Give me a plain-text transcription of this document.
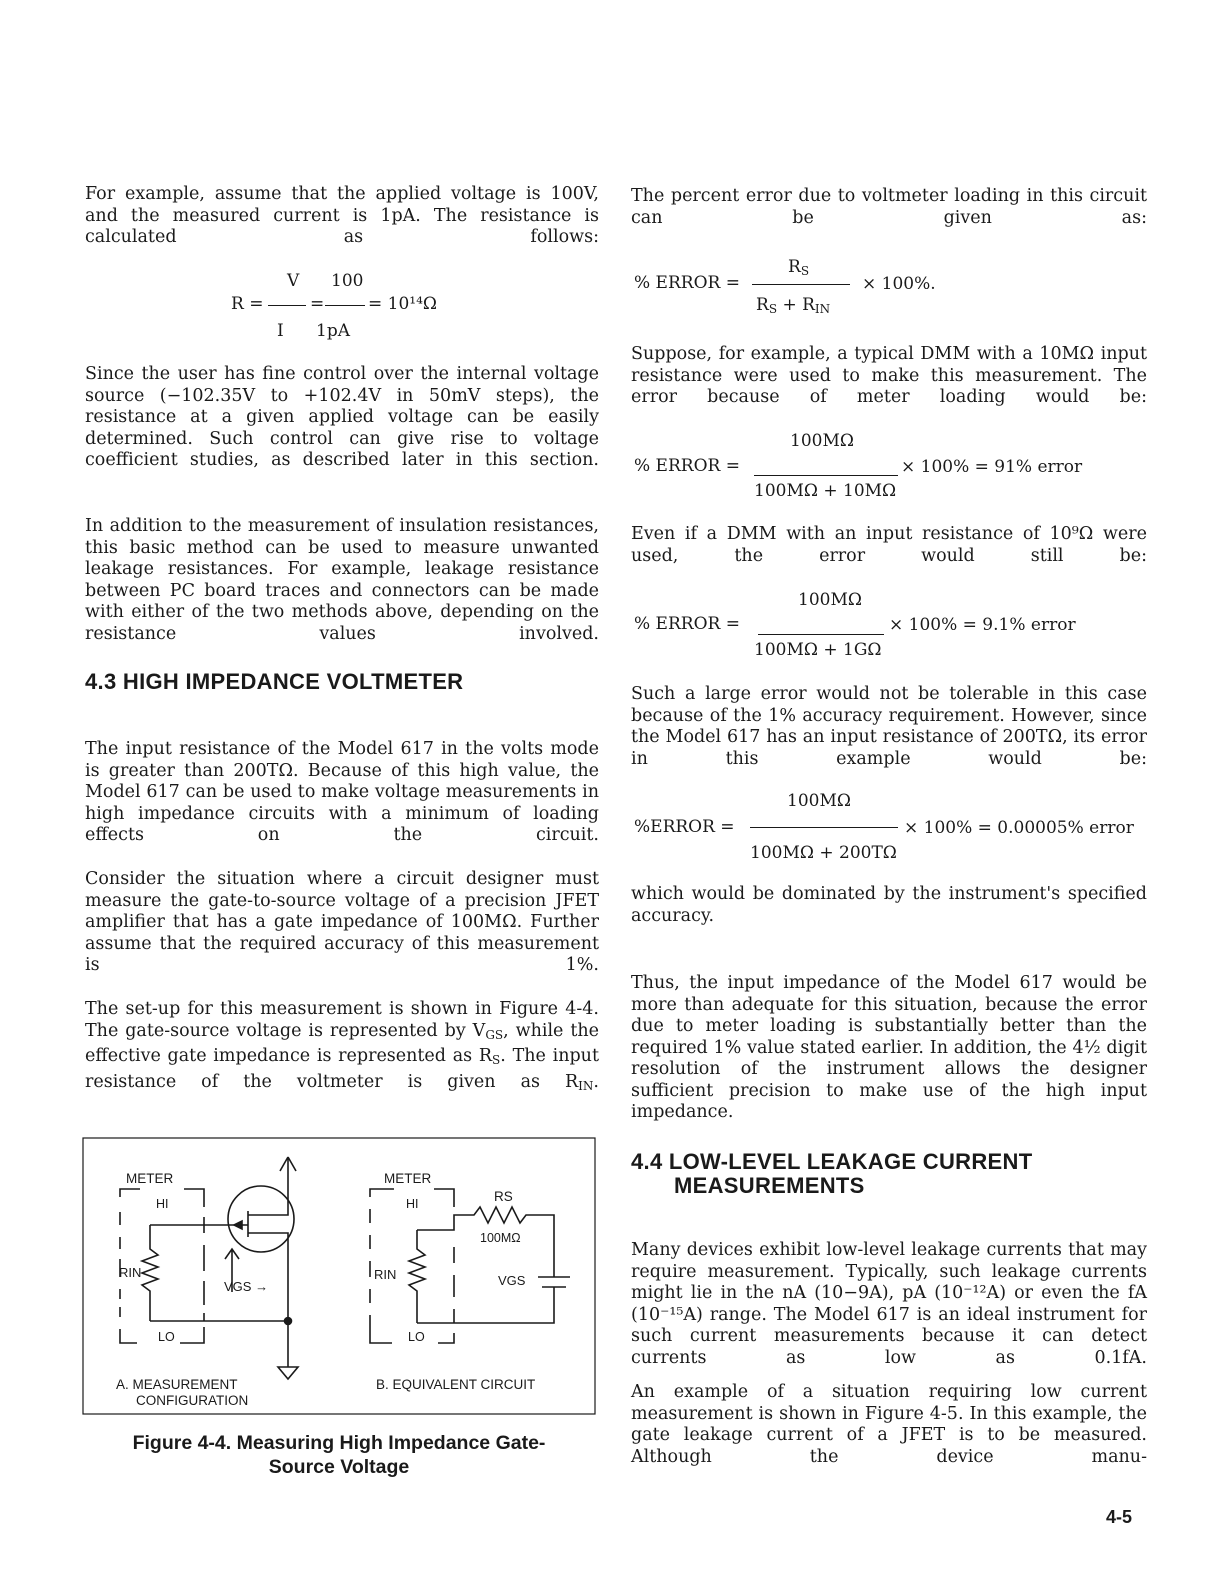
For example, assume that the applied voltage is 100V, and the measured current is 1pA. The resistance is calculated as follows:
V 100
R =	=	= 10¹⁴Ω
I 1pA
Since the user has fine control over the internal voltage source (−102.35V to +102.4V in 50mV steps), the resistance at a given applied voltage can be easily determined. Such control can give rise to voltage coefficient studies, as described later in this section.
In addition to the measurement of insulation resistances, this basic method can be used to measure unwanted leakage resistances. For example, leakage resistance between PC board traces and connectors can be made with either of the two methods above, depending on the resistance values involved.
4.3 HIGH IMPEDANCE VOLTMETER
The input resistance of the Model 617 in the volts mode is greater than 200TΩ. Because of this high value, the Model 617 can be used to make voltage measurements in high impedance circuits with a minimum of loading effects on the circuit.
Consider the situation where a circuit designer must measure the gate-to-source voltage of a precision JFET amplifier that has a gate impedance of 100MΩ. Further assume that the required accuracy of this measurement is 1%.
The set-up for this measurement is shown in Figure 4-4. The gate-source voltage is represented by $V_{GS}$, while the effective gate impedance is represented as $R_S$. The input resistance of the voltmeter is given as $R_{IN}$.
METER
HI
LO
RIN
VGS →
A. MEASUREMENT
CONFIGURATION
METER
HI
LO
RS
100MΩ
RIN	VGS
B. EQUIVALENT CIRCUIT
Figure 4-4. Measuring High Impedance Gate-
Source Voltage
The percent error due to voltmeter loading in this circuit can be given as:
$R_S$
% ERROR =	× 100%.
$R_S + R_{IN}$
Suppose, for example, a typical DMM with a 10MΩ input resistance were used to make this measurement. The error because of meter loading would be:
100MΩ
% ERROR =	× 100% = 91% error
100MΩ + 10MΩ
Even if a DMM with an input resistance of 10⁹Ω were used, the error would still be:
100MΩ
% ERROR =	× 100% = 9.1% error
100MΩ + 1GΩ
Such a large error would not be tolerable in this case because of the 1% accuracy requirement. However, since the Model 617 has an input resistance of 200TΩ, its error in this example would be:
100MΩ
%ERROR =	× 100% = 0.00005% error
100MΩ + 200TΩ
which would be dominated by the instrument's specified accuracy.
Thus, the input impedance of the Model 617 would be more than adequate for this situation, because the error due to meter loading is substantially better than the required 1% value stated earlier. In addition, the 4½ digit resolution of the instrument allows the designer sufficient precision to make use of the high input impedance.
4.4 LOW-LEVEL LEAKAGE CURRENT
MEASUREMENTS
Many devices exhibit low-level leakage currents that may require measurement. Typically, such leakage currents might lie in the nA (10−9A), pA (10⁻¹²A) or even the fA (10⁻¹⁵A) range. The Model 617 is an ideal instrument for such current measurements because it can detect currents as low as 0.1fA.
An example of a situation requiring low current measurement is shown in Figure 4-5. In this example, the gate leakage current of a JFET is to be measured. Although the device manu-
4-5
